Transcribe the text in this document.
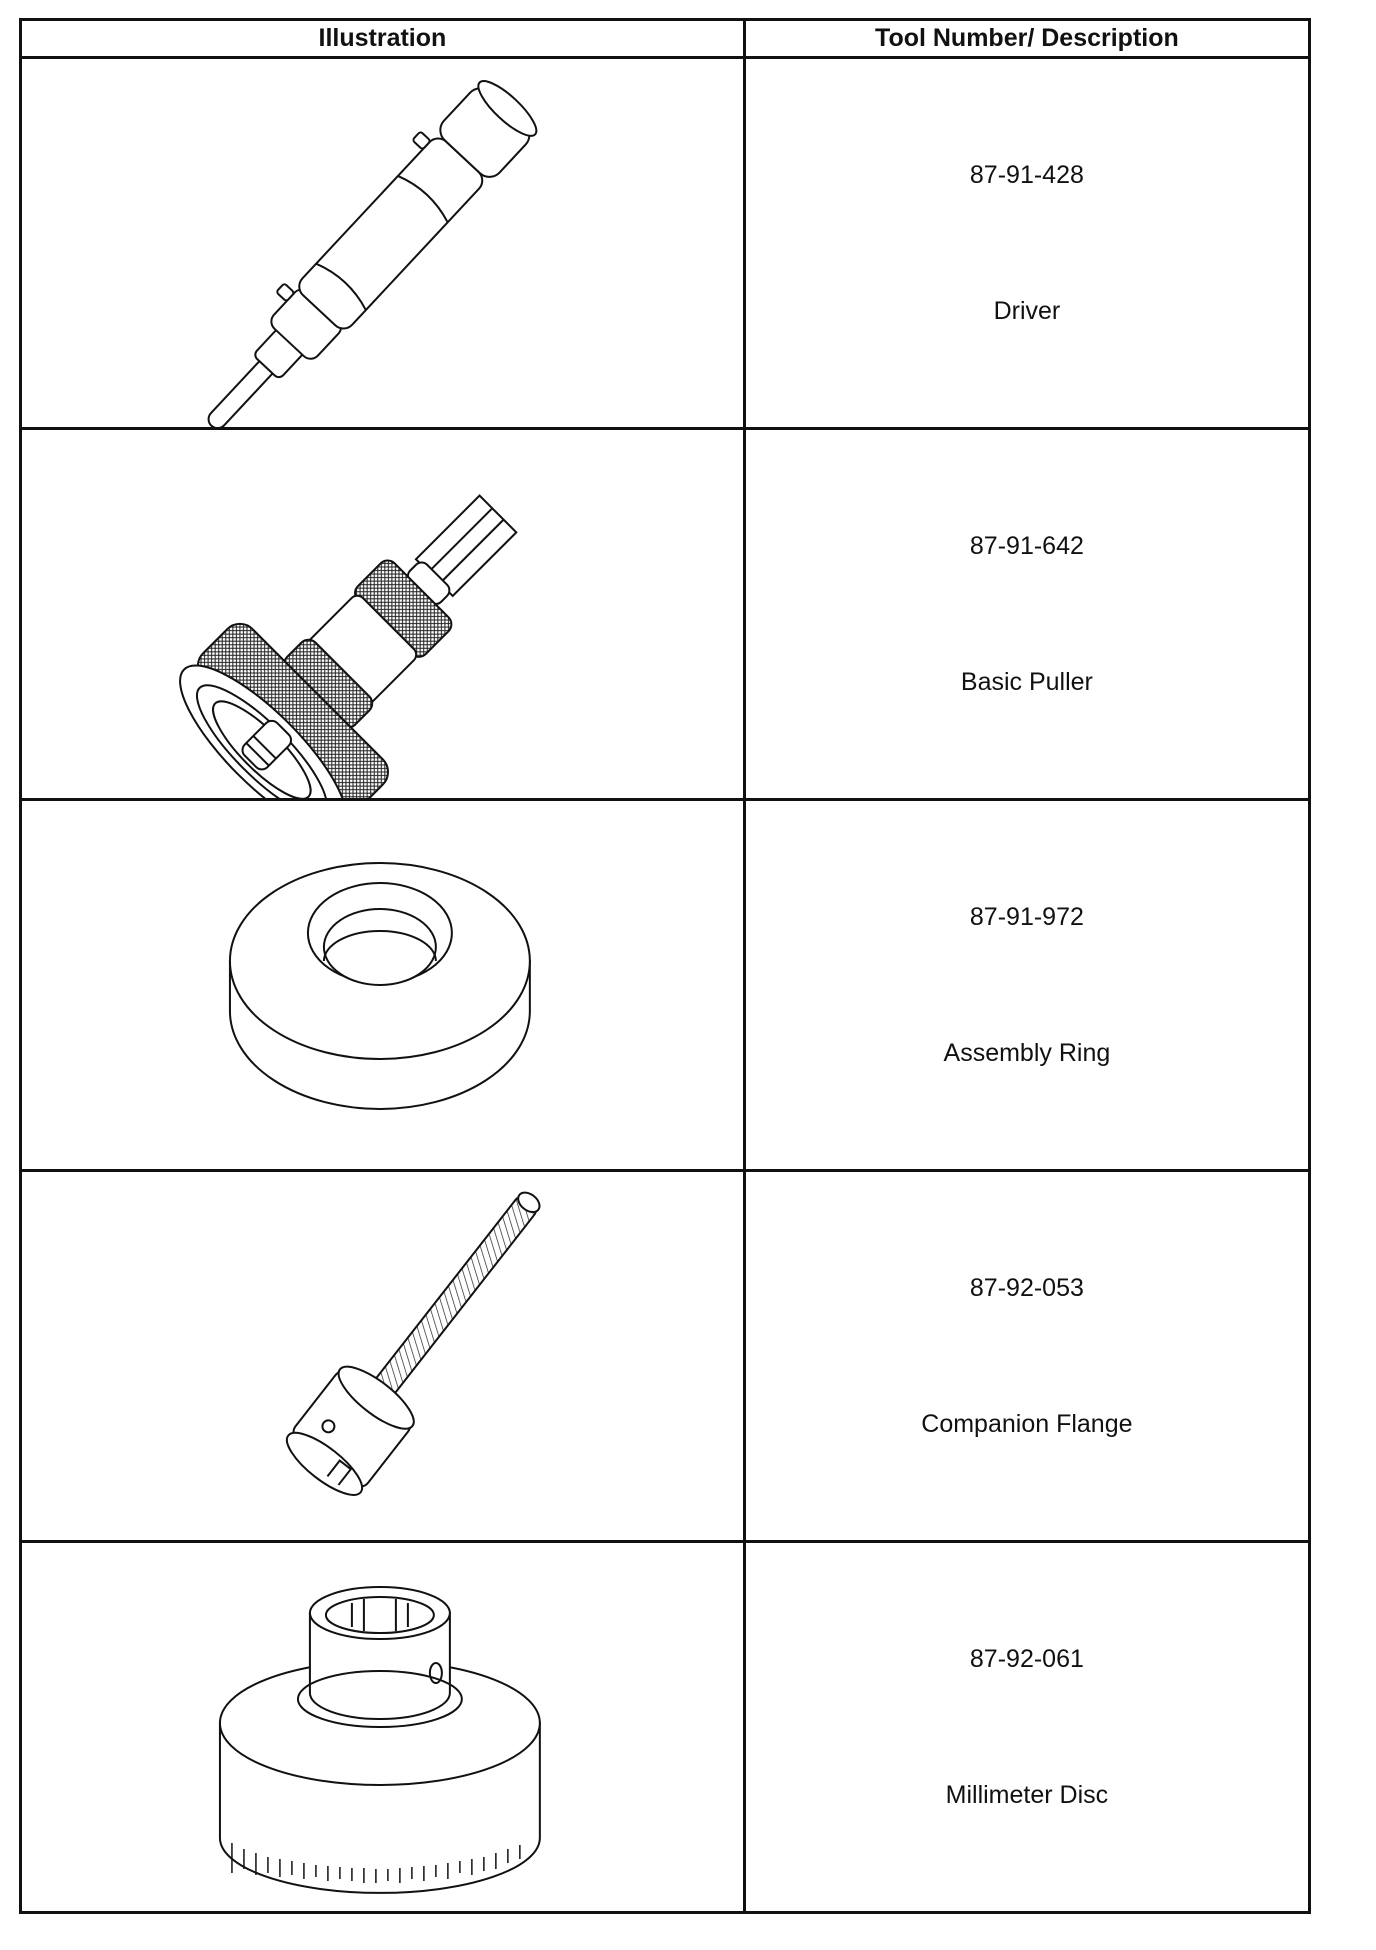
Illustration	Tool Number/ Description

87-91-428
Driver

87-91-642
Basic Puller

87-91-972
Assembly Ring

87-92-053
Companion Flange

87-92-061
Millimeter Disc
